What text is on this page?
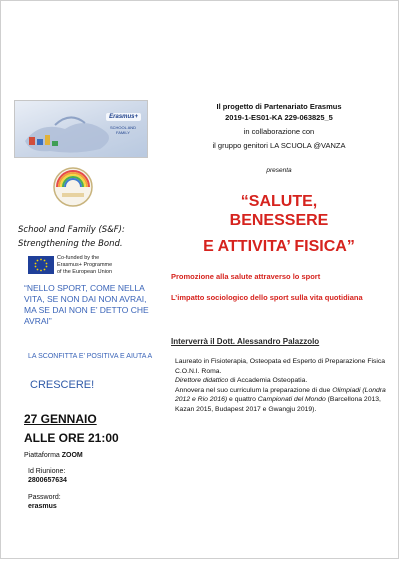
Erasmus+
SCHOOL AND FAMILY
School and Family (S&F):
Strengthening the Bond.
Co-funded by the
Erasmus+ Programme
of the European Union
“NELLO SPORT, COME NELLA VITA, SE NON DAI NON AVRAI, MA SE DAI NON E’ DETTO CHE AVRAI”
LA SCONFITTA E’ POSITIVA E AIUTA A
CRESCERE!
27 GENNAIO
ALLE ORE 21:00
Piattaforma ZOOM
Id Riunione:
2800657634
Password:
erasmus
Il progetto di Partenariato Erasmus
2019-1-ES01-KA 229-063825_5
in collaborazione con
il gruppo genitori LA SCUOLA @VANZA
presenta
“SALUTE,
BENESSERE
E ATTIVITA’ FISICA”
Promozione alla salute attraverso lo sport
L’impatto sociologico dello sport sulla vita quotidiana
Interverrà il Dott. Alessandro Palazzolo
Laureato in Fisioterapia, Osteopata ed Esperto di Preparazione Fisica C.O.N.I. Roma.
Direttore didattico di Accademia Osteopatia.
Annovera nel suo curriculum la preparazione di due Olimpiadi (Londra 2012 e Rio 2016) e quattro Campionati del Mondo (Barcellona 2013, Kazan 2015, Budapest 2017 e Gwangju 2019).
